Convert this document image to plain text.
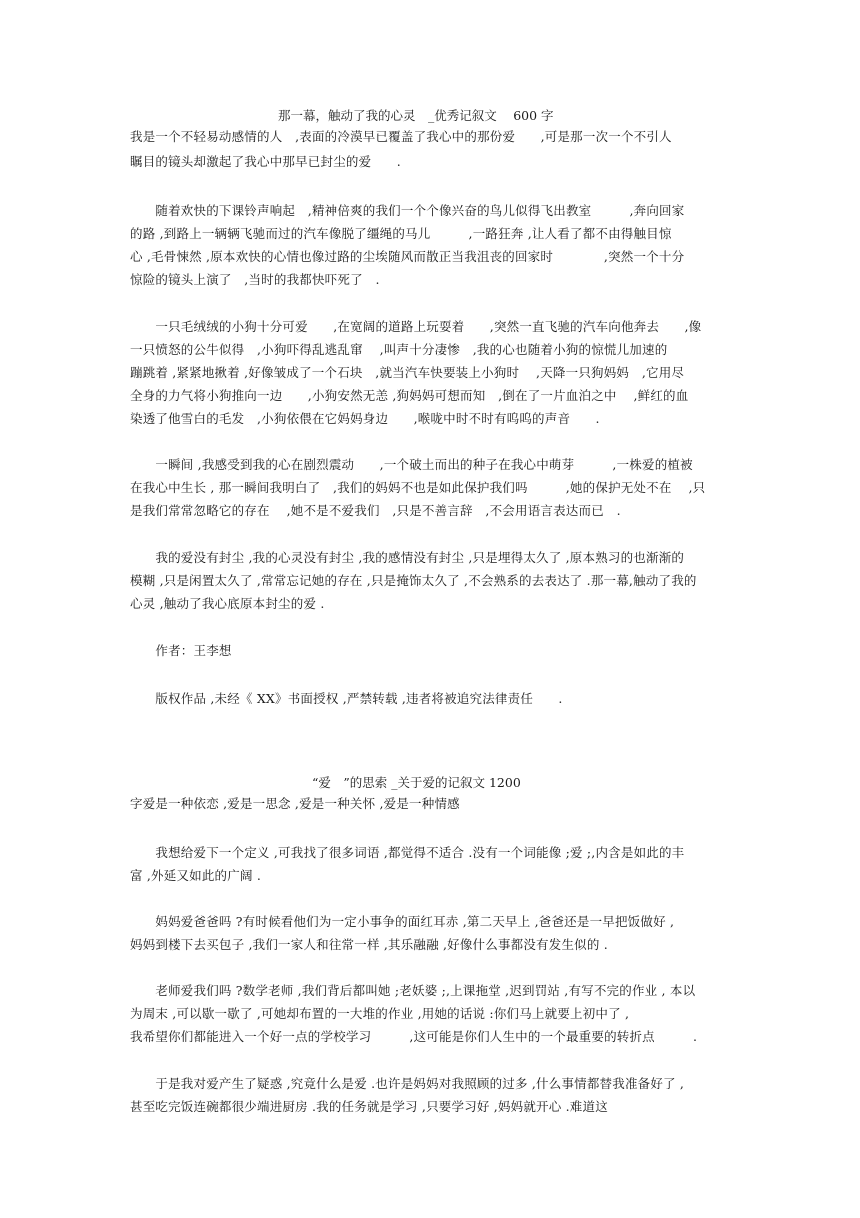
那一幕，触动了我的心灵　_优秀记叙文　 600 字
我是一个不轻易动感情的人　,表面的冷漠早已覆盖了我心中的那份爱　　,可是那一次一个不引人
瞩目的镜头却激起了我心中那早已封尘的爱　　.
　　随着欢快的下课铃声响起　,精神倍爽的我们一个个像兴奋的鸟儿似得飞出教室　　　,奔向回家
的路 ,到路上一辆辆飞驰而过的汽车像脱了缰绳的马儿　　　,一路狂奔 ,让人看了都不由得触目惊
心 ,毛骨悚然 ,原本欢快的心情也像过路的尘埃随风而散正当我沮丧的回家时　　　　,突然一个十分
惊险的镜头上演了　,当时的我都快吓死了　.
　　一只毛绒绒的小狗十分可爱　　,在宽阔的道路上玩耍着　　,突然一直飞驰的汽车向他奔去　　,像
一只愤怒的公牛似得　,小狗吓得乱逃乱窜　 ,叫声十分凄惨　,我的心也随着小狗的惊慌儿加速的
蹦跳着 ,紧紧地揪着 ,好像皱成了一个石块　,就当汽车快要装上小狗时　 ,天降一只狗妈妈　,它用尽
全身的力气将小狗推向一边　　,小狗安然无恙 ,狗妈妈可想而知　,倒在了一片血泊之中　 ,鲜红的血
染透了他雪白的毛发　,小狗依偎在它妈妈身边　　,喉咙中时不时有呜呜的声音　　.
　　一瞬间 ,我感受到我的心在剧烈震动　　,一个破土而出的种子在我心中萌芽　　　,一株爱的植被
在我心中生长 , 那一瞬间我明白了　,我们的妈妈不也是如此保护我们吗　　　,她的保护无处不在　 ,只
是我们常常忽略它的存在　 ,她不是不爱我们　,只是不善言辞　,不会用语言表达而已　.
　　我的爱没有封尘 ,我的心灵没有封尘 ,我的感情没有封尘 ,只是埋得太久了 ,原本熟习的也渐渐的
模糊 ,只是闲置太久了 ,常常忘记她的存在 ,只是掩饰太久了 ,不会熟系的去表达了 .那一幕,触动了我的
心灵 ,触动了我心底原本封尘的爱 .
　　作者：王李想
　　版权作品 ,未经《 XX》书面授权 ,严禁转载 ,违者将被追究法律责任　　.
“爱　”的思索 _关于爱的记叙文 1200
字爱是一种依恋 ,爱是一思念 ,爱是一种关怀 ,爱是一种情感
　　我想给爱下一个定义 ,可我找了很多词语 ,都觉得不适合 .没有一个词能像 ;爱 ;,内含是如此的丰
富 ,外延又如此的广阔 .
　　妈妈爱爸爸吗 ?有时候看他们为一定小事争的面红耳赤 ,第二天早上 ,爸爸还是一早把饭做好 ,
妈妈到楼下去买包子 ,我们一家人和往常一样 ,其乐融融 ,好像什么事都没有发生似的 .
　　老师爱我们吗 ?数学老师 ,我们背后都叫她 ;老妖婆 ;,上课拖堂 ,迟到罚站 ,有写不完的作业 , 本以
为周末 ,可以歇一歇了 ,可她却布置的一大堆的作业 ,用她的话说 :你们马上就要上初中了 ,
我希望你们都能进入一个好一点的学校学习　　　,这可能是你们人生中的一个最重要的转折点　　　.
　　于是我对爱产生了疑惑 ,究竟什么是爱 .也许是妈妈对我照顾的过多 ,什么事情都替我准备好了 ,
甚至吃完饭连碗都很少端进厨房 .我的任务就是学习 ,只要学习好 ,妈妈就开心 .难道这
